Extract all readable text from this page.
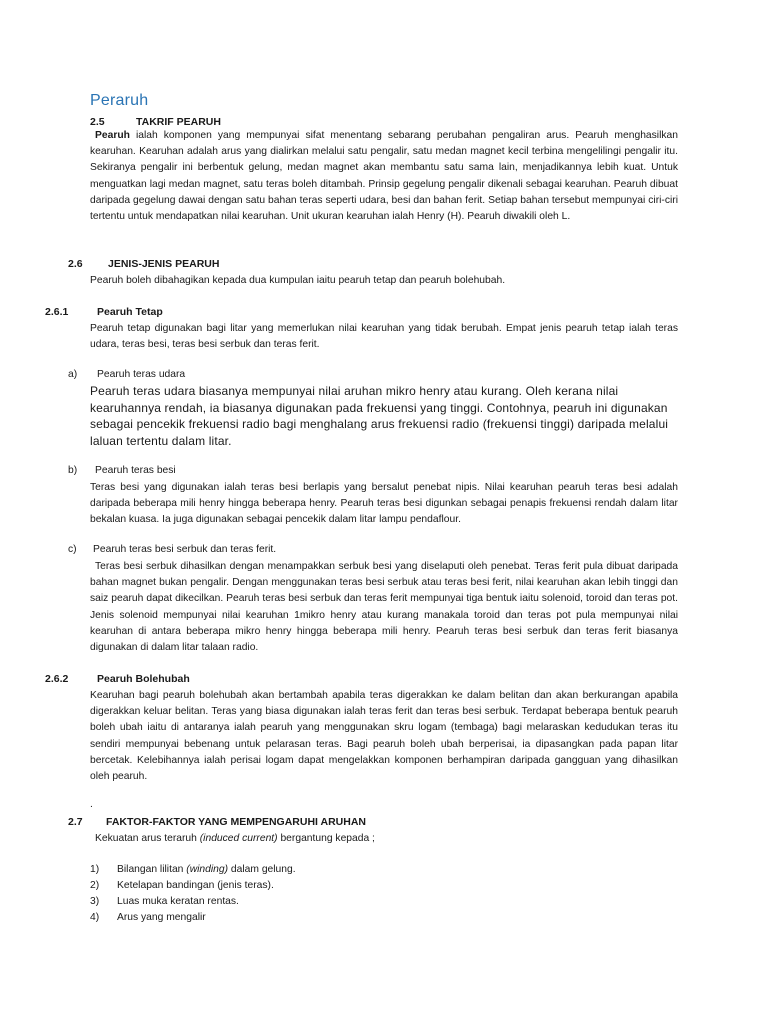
Peraruh
2.5	TAKRIF PEARUH
Pearuh ialah komponen yang mempunyai sifat menentang sebarang perubahan pengaliran arus. Pearuh menghasilkan kearuhan. Kearuhan adalah arus yang dialirkan melalui satu pengalir, satu medan magnet kecil terbina mengelilingi pengalir itu. Sekiranya pengalir ini berbentuk gelung, medan magnet akan membantu satu sama lain, menjadikannya lebih kuat. Untuk menguatkan lagi medan magnet, satu teras boleh ditambah. Prinsip gegelung pengalir dikenali sebagai kearuhan. Pearuh dibuat daripada gegelung dawai dengan satu bahan teras seperti udara, besi dan bahan ferit. Setiap bahan tersebut mempunyai ciri-ciri tertentu untuk mendapatkan nilai kearuhan. Unit ukuran kearuhan ialah Henry (H). Pearuh diwakili oleh L.
2.6 JENIS-JENIS PEARUH
Pearuh boleh dibahagikan kepada dua kumpulan iaitu pearuh tetap dan pearuh bolehubah.
2.6.1	Pearuh Tetap
Pearuh tetap digunakan bagi litar yang memerlukan nilai kearuhan yang tidak berubah. Empat jenis pearuh tetap ialah teras udara, teras besi, teras besi serbuk dan teras ferit.
a) Pearuh teras udara
Pearuh teras udara biasanya mempunyai nilai aruhan mikro henry atau kurang. Oleh kerana nilai kearuhannya rendah, ia biasanya digunakan pada frekuensi yang tinggi. Contohnya, pearuh ini digunakan sebagai pencekik frekuensi radio bagi menghalang arus frekuensi radio (frekuensi tinggi) daripada melalui laluan tertentu dalam litar.
b) Pearuh teras besi
Teras besi yang digunakan ialah teras besi berlapis yang bersalut penebat nipis. Nilai kearuhan pearuh teras besi adalah daripada beberapa mili henry hingga beberapa henry. Pearuh teras besi digunkan sebagai penapis frekuensi rendah dalam litar bekalan kuasa. Ia juga digunakan sebagai pencekik dalam litar lampu pendaflour.
c) Pearuh teras besi serbuk dan teras ferit.
Teras besi serbuk dihasilkan dengan menampakkan serbuk besi yang diselaputi oleh penebat. Teras ferit pula dibuat daripada bahan magnet bukan pengalir. Dengan menggunakan teras besi serbuk atau teras besi ferit, nilai kearuhan akan lebih tinggi dan saiz pearuh dapat dikecilkan. Pearuh teras besi serbuk dan teras ferit mempunyai tiga bentuk iaitu solenoid, toroid dan teras pot. Jenis solenoid mempunyai nilai kearuhan 1mikro henry atau kurang manakala toroid dan teras pot pula mempunyai nilai kearuhan di antara beberapa mikro henry hingga beberapa mili henry. Pearuh teras besi serbuk dan teras ferit biasanya digunakan di dalam litar talaan radio.
2.6.2	Pearuh Bolehubah
Kearuhan bagi pearuh bolehubah akan bertambah apabila teras digerakkan ke dalam belitan dan akan berkurangan apabila digerakkan keluar belitan. Teras yang biasa digunakan ialah teras ferit dan teras besi serbuk. Terdapat beberapa bentuk pearuh boleh ubah iaitu di antaranya ialah pearuh yang menggunakan skru logam (tembaga) bagi melaraskan kedudukan teras itu sendiri mempunyai bebenang untuk pelarasan teras. Bagi pearuh boleh ubah berperisai, ia dipasangkan pada papan litar bercetak. Kelebihannya ialah perisai logam dapat mengelakkan komponen berhampiran daripada gangguan yang dihasilkan oleh pearuh.
.
2.7 FAKTOR-FAKTOR YANG MEMPENGARUHI ARUHAN
Kekuatan arus teraruh (induced current) bergantung kepada ;
1) Bilangan lilitan (winding) dalam gelung.
2) Ketelapan bandingan (jenis teras).
3) Luas muka keratan rentas.
4) Arus yang mengalir
